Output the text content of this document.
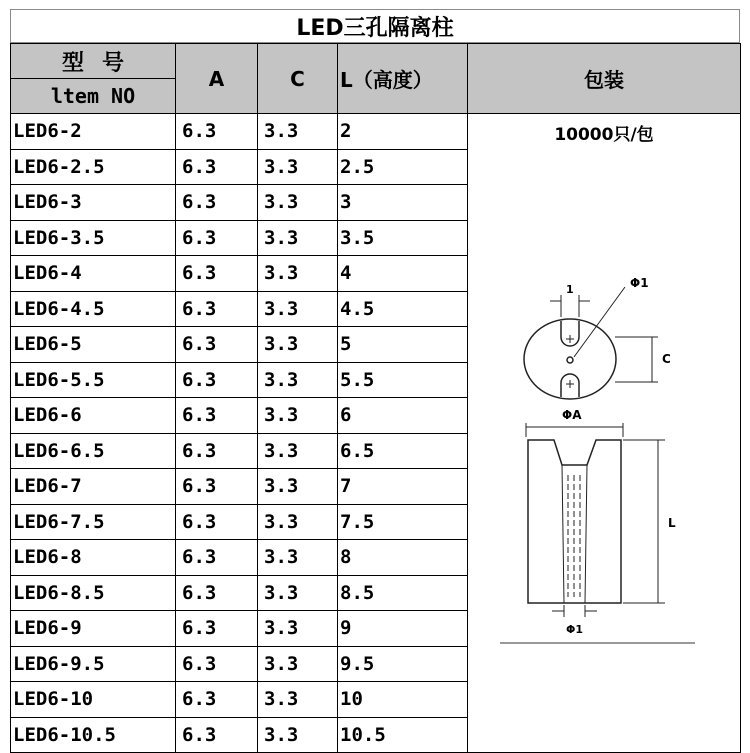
LED三孔隔离柱
型号
ltem NO	A	C	L（高度）	包装
LED6-2	6.3	3.3	2	10000只/包

LED6-2.5	6.3	3.3	2.5	
LED6-3	6.3	3.3	3	
LED6-3.5	6.3	3.3	3.5	
LED6-4	6.3	3.3	4	
LED6-4.5	6.3	3.3	4.5	
LED6-5	6.3	3.3	5	
LED6-5.5	6.3	3.3	5.5	
LED6-6	6.3	3.3	6	
LED6-6.5	6.3	3.3	6.5	
LED6-7	6.3	3.3	7	
LED6-7.5	6.3	3.3	7.5	
LED6-8	6.3	3.3	8	
LED6-8.5	6.3	3.3	8.5	
LED6-9	6.3	3.3	9	
LED6-9.5	6.3	3.3	9.5	
LED6-10	6.3	3.3	10	
LED6-10.5	6.3	3.3	10.5	
1	Φ1
C
ΦA
L
Φ1
